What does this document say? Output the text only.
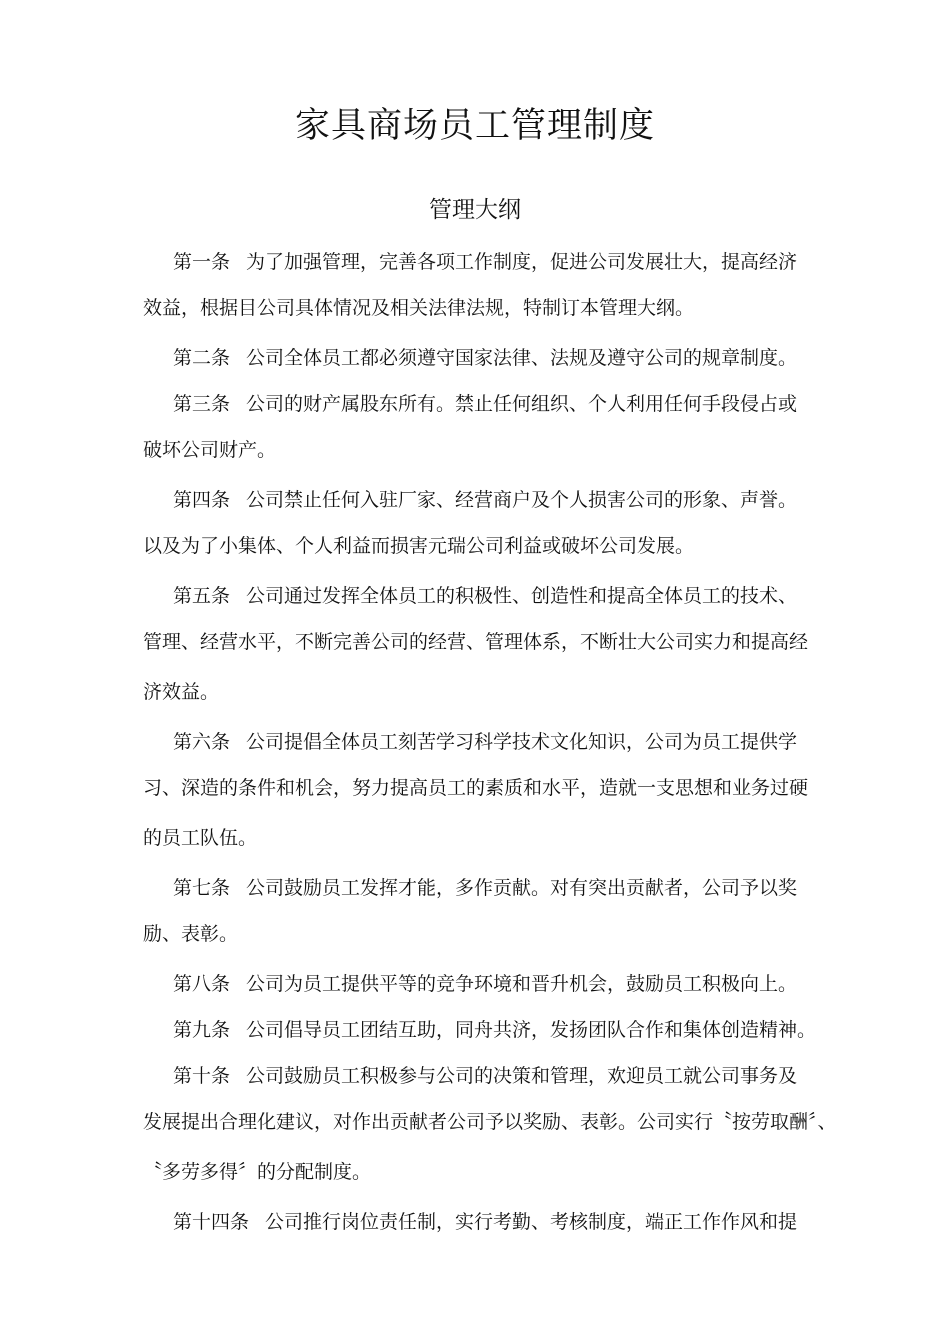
家具商场员工管理制度
管理大纲
第一条 为了加强管理，完善各项工作制度，促进公司发展壮大，提高经济
效益，根据目公司具体情况及相关法律法规，特制订本管理大纲。
第二条 公司全体员工都必须遵守国家法律、法规及遵守公司的规章制度。
第三条 公司的财产属股东所有。禁止任何组织、个人利用任何手段侵占或
破坏公司财产。
第四条 公司禁止任何入驻厂家、经营商户及个人损害公司的形象、声誉。
以及为了小集体、个人利益而损害元瑞公司利益或破坏公司发展。
第五条 公司通过发挥全体员工的积极性、创造性和提高全体员工的技术、
管理、经营水平，不断完善公司的经营、管理体系，不断壮大公司实力和提高经
济效益。
第六条 公司提倡全体员工刻苦学习科学技术文化知识，公司为员工提供学
习、深造的条件和机会，努力提高员工的素质和水平，造就一支思想和业务过硬
的员工队伍。
第七条 公司鼓励员工发挥才能，多作贡献。对有突出贡献者，公司予以奖
励、表彰。
第八条 公司为员工提供平等的竞争环境和晋升机会，鼓励员工积极向上。
第九条 公司倡导员工团结互助，同舟共济，发扬团队合作和集体创造精神。
第十条 公司鼓励员工积极参与公司的决策和管理，欢迎员工就公司事务及
发展提出合理化建议，对作出贡献者公司予以奖励、表彰。公司实行〝按劳取酬〞、
〝多劳多得〞的分配制度。
第十四条 公司推行岗位责任制，实行考勤、考核制度，端正工作作风和提
